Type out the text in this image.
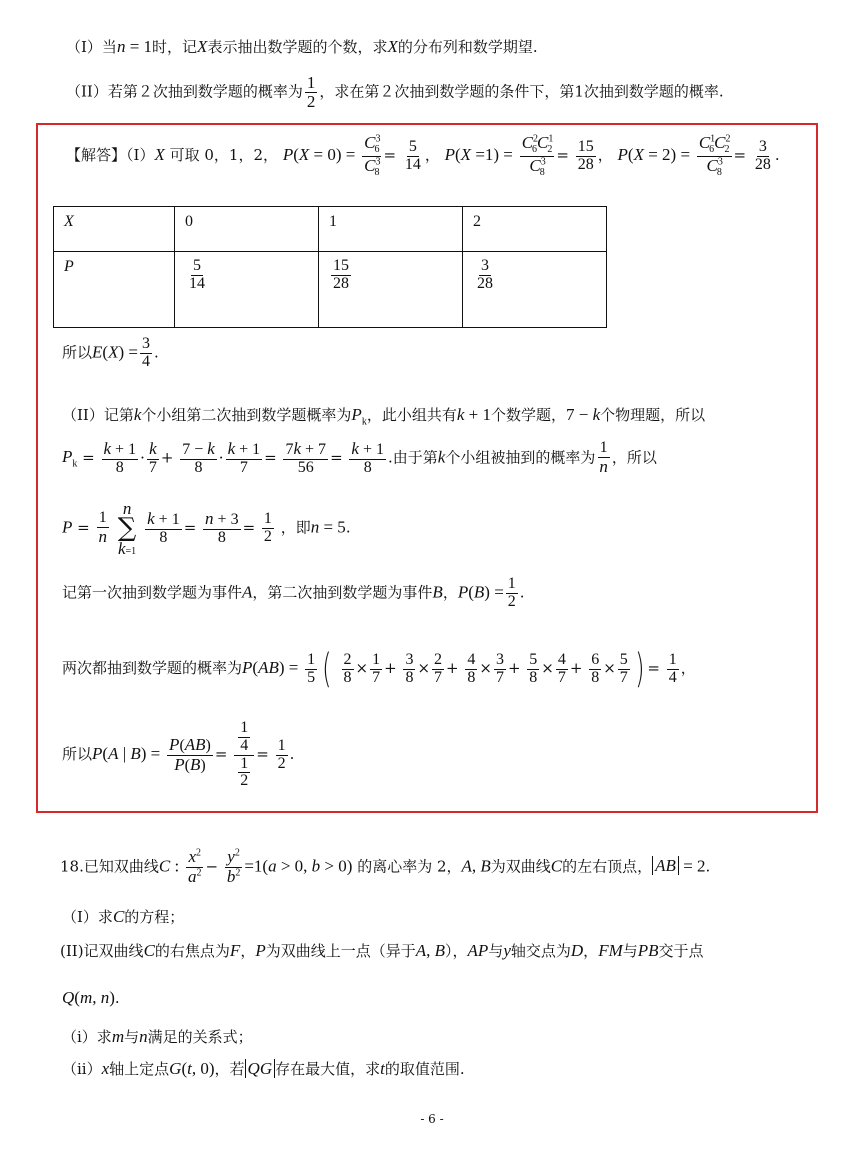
（I）当n = 1时，记X表示抽出数学题的个数，求X的分布列和数学期望.
（II）若第２次抽到数学题的概率为 $\frac{1}{2}$ ，求在第２次抽到数学题的条件下，第1次抽到数学题的概率.
【解答】（I）X 可取 0，1，2， $P(X = 0) = \frac{C^3_6}{C^3_8} = \frac{5}{14}$ ， $P(X =1) = \frac{C^2_6C^1_2}{C^3_8} = \frac{15}{28}$ ， $P(X = 2) = \frac{C^1_6C^2_2}{C^3_8} = \frac{3}{28}$ .
X	0	1	2
P	$\frac{5}{14}$	$\frac{15}{28}$	$\frac{3}{28}$
所以$E(X) = \frac{3}{4}$ .
（II）记第k个小组第二次抽到数学题概率为$P_k$，此小组共有k + 1个数学题，7 − k个物理题，所以
$P_k = \frac{k + 1}{8} \cdot \frac{k}{7} + \frac{7 - k}{8} \cdot \frac{k + 1}{7} = \frac{7k + 7}{56} = \frac{k + 1}{8}$ .由于第k个小组被抽到的概率为 $\frac{1}{n}$ ，所以
$P = \frac{1}{n}$

n
∑
k=1

$\frac{k + 1}{8} = \frac{n + 3}{8} = \frac{1}{2}$ ，即n = 5.
记第一次抽到数学题为事件A，第二次抽到数学题为事件B，$P(B) = \frac{1}{2}$ .
两次都抽到数学题的概率为$P(AB) = \frac{1}{5}$ ( $\frac{2}{8} \times \frac{1}{7} + \frac{3}{8} \times \frac{2}{7} + \frac{4}{8} \times \frac{3}{7} + \frac{5}{8} \times \frac{4}{7} + \frac{6}{8} \times \frac{5}{7}$ ) = $\frac{1}{4}$ ，
所以P(A | $B) = \frac{P(AB)}{P(B)} = \frac{\frac{1}{4}}{\frac{1}{2}} = \frac{1}{2}$ .
18.已知双曲线C : $\frac{x^2}{a^2} - \frac{y^2}{b^2} =1(a > 0$, b > 0) 的离心率为 2，A, B为双曲线C的左右顶点， AB = 2.
（I）求C的方程；
(II)记双曲线C的右焦点为F，P为双曲线上一点（异于A, B），AP与y轴交点为D，FM与PB交于点
Q(m, n).
（i）求m与n满足的关系式；
（ii）x轴上定点G(t, 0)，若 QG 存在最大值，求t的取值范围.
- 6 -
